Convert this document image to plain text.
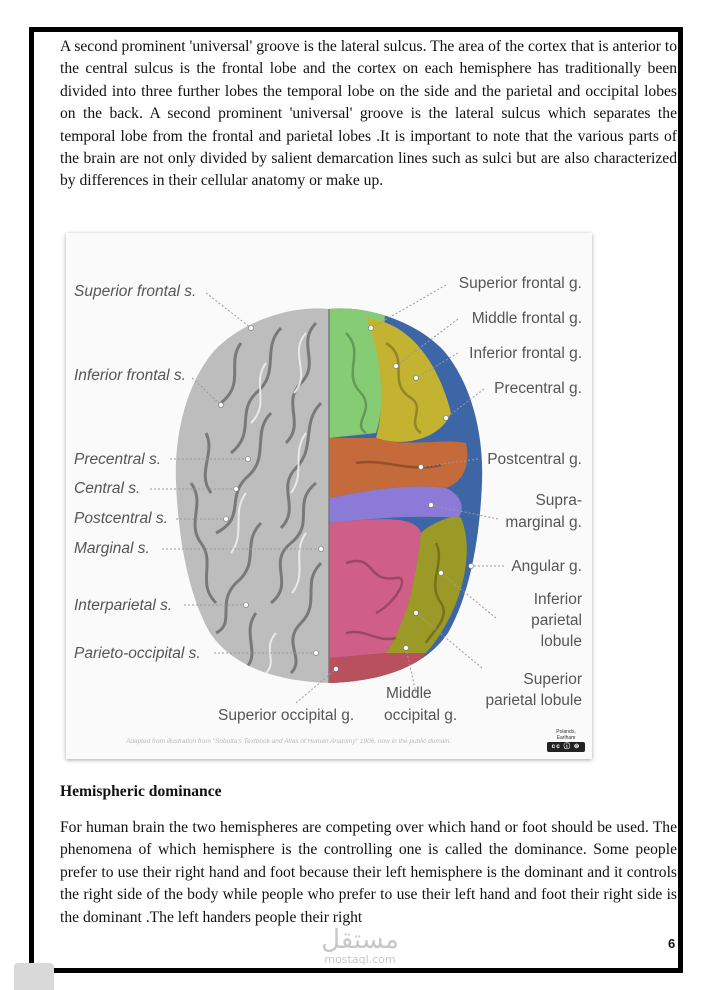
A second prominent 'universal' groove is the lateral sulcus. The area of the cortex that is anterior to the central sulcus is the frontal lobe and the cortex on each hemisphere has traditionally been divided into three further lobes the temporal lobe on the side and the parietal and occipital lobes on the back. A second prominent 'universal' groove is the lateral sulcus which separates the temporal lobe from the frontal and parietal lobes .It is important to note that the various parts of the brain are not only divided by salient demarcation lines such as sulci but are also characterized by differences in their cellular anatomy or make up.

Superior frontal s.
Inferior frontal s.
Precentral s.
Central s.
Postcentral s.
Marginal s.
Interparietal s.
Parieto-occipital s.
Superior frontal g.
Middle frontal g.
Inferior frontal g.
Precentral g.
Postcentral g.
Supra-
marginal g.
Angular g.
Inferior
parietal
lobule
Superior
parietal lobule
Superior occipital g.
Middle
occipital g.
Adapted from illustration from "Sobotta's Textbook and Atlas of Human Anatomy" 1906, now in the public domain.
Polands, Earlham
cc ⓘ ⊜

Hemispheric dominance

For human brain the two hemispheres are competing over which hand or foot should be used. The phenomena of which hemisphere is the controlling one is called the dominance. Some people prefer to use their right hand and foot because their left hemisphere is the dominant and it controls the right side of the body while people who prefer to use their left hand and foot their right side is the dominant .The left handers people their right

6
مستقل
mostaql.com
